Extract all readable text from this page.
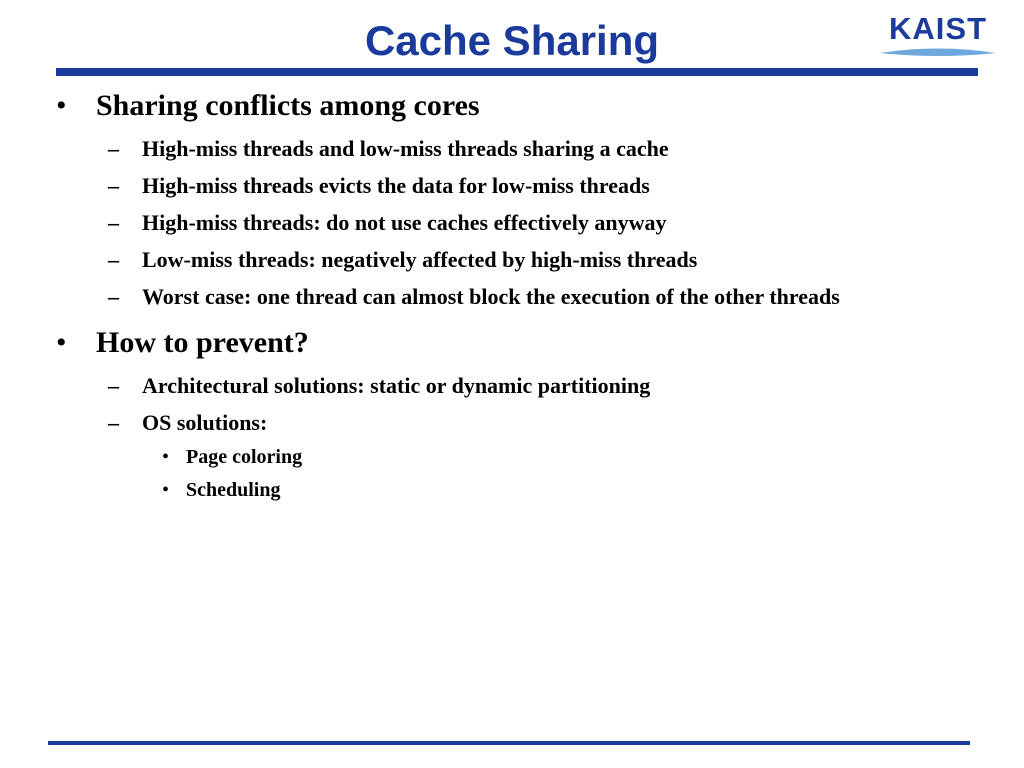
Cache Sharing	KAIST
• Sharing conflicts among cores
– High-miss threads and low-miss threads sharing a cache
– High-miss threads evicts the data for low-miss threads
– High-miss threads: do not use caches effectively anyway
– Low-miss threads: negatively affected by high-miss threads
– Worst case: one thread can almost block the execution of the other threads
• How to prevent?
– Architectural solutions: static or dynamic partitioning
– OS solutions:
• Page coloring
• Scheduling
